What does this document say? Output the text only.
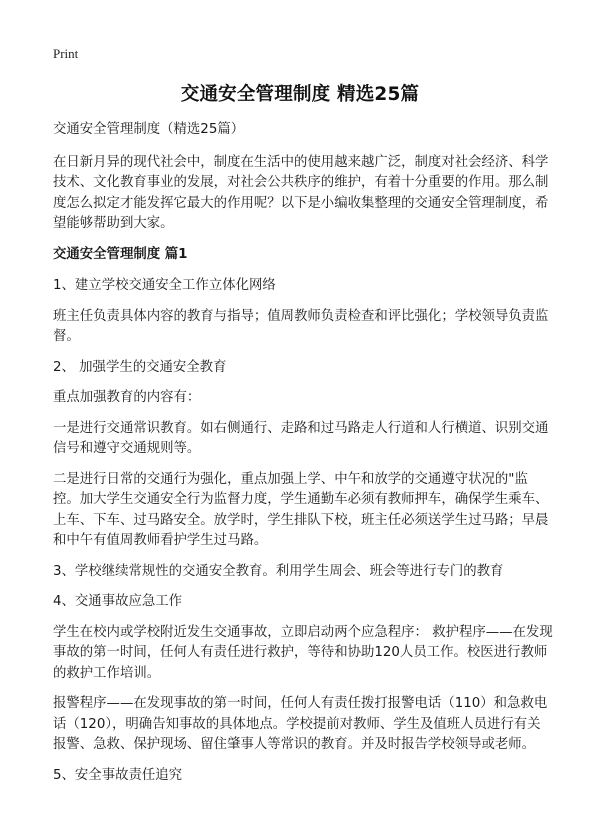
Print
交通安全管理制度 精选25篇

交通安全管理制度（精选25篇）

在日新月异的现代社会中，制度在生活中的使用越来越广泛，制度对社会经济、科学技术、文化教育事业的发展，对社会公共秩序的维护，有着十分重要的作用。那么制度怎么拟定才能发挥它最大的作用呢？以下是小编收集整理的交通安全管理制度，希望能够帮助到大家。

交通安全管理制度 篇1

1、建立学校交通安全工作立体化网络

班主任负责具体内容的教育与指导；值周教师负责检查和评比强化；学校领导负责监督。

2、 加强学生的交通安全教育

重点加强教育的内容有：

一是进行交通常识教育。如右侧通行、走路和过马路走人行道和人行横道、识别交通信号和遵守交通规则等。

二是进行日常的交通行为强化，重点加强上学、中午和放学的交通遵守状况的"监控。加大学生交通安全行为监督力度，学生通勤车必须有教师押车，确保学生乘车、上车、下车、过马路安全。放学时，学生排队下校，班主任必须送学生过马路；早晨和中午有值周教师看护学生过马路。

3、学校继续常规性的交通安全教育。利用学生周会、班会等进行专门的教育

4、交通事故应急工作

学生在校内或学校附近发生交通事故，立即启动两个应急程序： 救护程序——在发现事故的第一时间，任何人有责任进行救护，等待和协助120人员工作。校医进行教师的救护工作培训。

报警程序——在发现事故的第一时间，任何人有责任拨打报警电话（110）和急救电话（120），明确告知事故的具体地点。学校提前对教师、学生及值班人员进行有关报警、急救、保护现场、留住肇事人等常识的教育。并及时报告学校领导或老师。

5、安全事故责任追究
